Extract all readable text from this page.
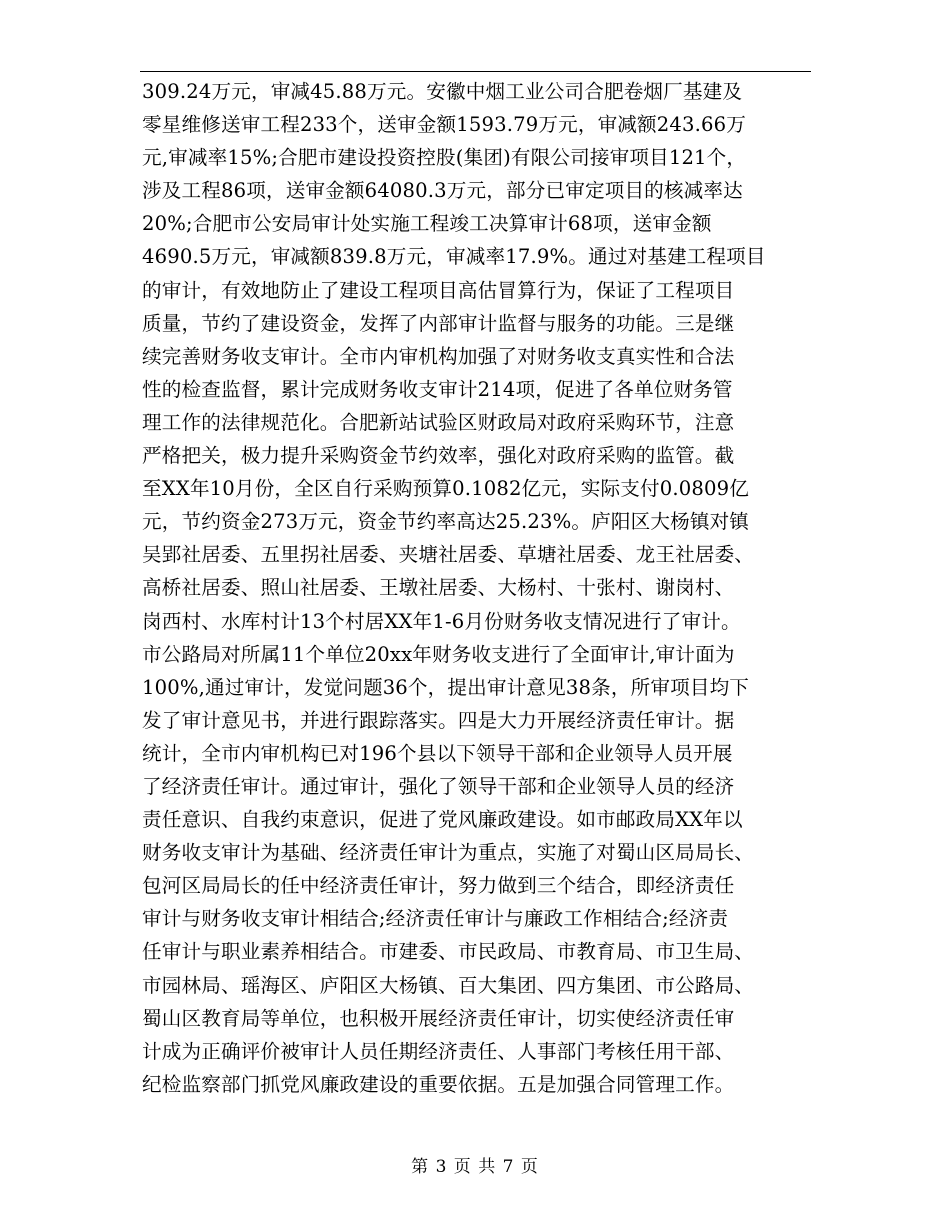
309.24万元，审减45.88万元。安徽中烟工业公司合肥卷烟厂基建及
零星维修送审工程233个，送审金额1593.79万元，审减额243.66万
元,审减率15%;合肥市建设投资控股(集团)有限公司接审项目121个，
涉及工程86项，送审金额64080.3万元，部分已审定项目的核减率达
20%;合肥市公安局审计处实施工程竣工决算审计68项，送审金额
4690.5万元，审减额839.8万元，审减率17.9%。通过对基建工程项目
的审计，有效地防止了建设工程项目高估冒算行为，保证了工程项目
质量，节约了建设资金，发挥了内部审计监督与服务的功能。三是继
续完善财务收支审计。全市内审机构加强了对财务收支真实性和合法
性的检查监督，累计完成财务收支审计214项，促进了各单位财务管
理工作的法律规范化。合肥新站试验区财政局对政府采购环节，注意
严格把关，极力提升采购资金节约效率，强化对政府采购的监管。截
至XX年10月份，全区自行采购预算0.1082亿元，实际支付0.0809亿
元，节约资金273万元，资金节约率高达25.23%。庐阳区大杨镇对镇
吴郢社居委、五里拐社居委、夹塘社居委、草塘社居委、龙王社居委、
高桥社居委、照山社居委、王墩社居委、大杨村、十张村、谢岗村、
岗西村、水库村计13个村居XX年1-6月份财务收支情况进行了审计。
市公路局对所属11个单位20xx年财务收支进行了全面审计,审计面为
100%,通过审计，发觉问题36个，提出审计意见38条，所审项目均下
发了审计意见书，并进行跟踪落实。四是大力开展经济责任审计。据
统计，全市内审机构已对196个县以下领导干部和企业领导人员开展
了经济责任审计。通过审计，强化了领导干部和企业领导人员的经济
责任意识、自我约束意识，促进了党风廉政建设。如市邮政局XX年以
财务收支审计为基础、经济责任审计为重点，实施了对蜀山区局局长、
包河区局局长的任中经济责任审计，努力做到三个结合，即经济责任
审计与财务收支审计相结合;经济责任审计与廉政工作相结合;经济责
任审计与职业素养相结合。市建委、市民政局、市教育局、市卫生局、
市园林局、瑶海区、庐阳区大杨镇、百大集团、四方集团、市公路局、
蜀山区教育局等单位，也积极开展经济责任审计，切实使经济责任审
计成为正确评价被审计人员任期经济责任、人事部门考核任用干部、
纪检监察部门抓党风廉政建设的重要依据。五是加强合同管理工作。
第 3 页 共 7 页
